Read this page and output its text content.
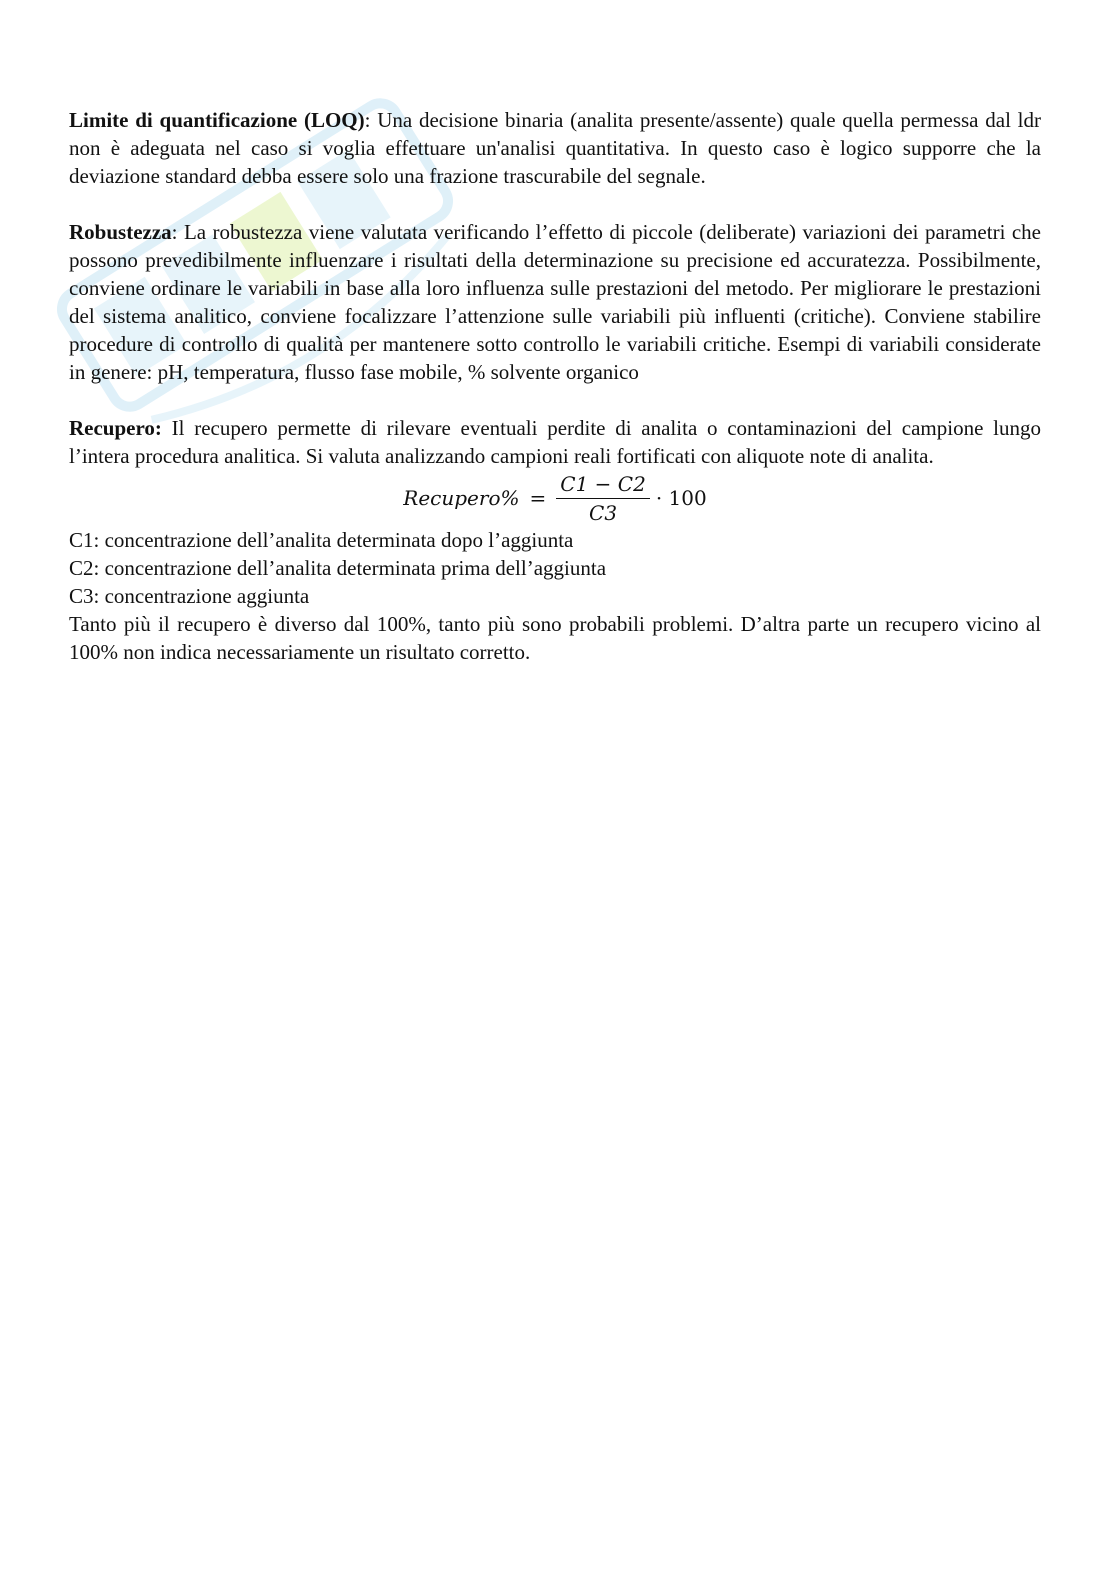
Limite di quantificazione (LOQ): Una decisione binaria (analita presente/assente) quale quella permessa dal ldr non è adeguata nel caso si voglia effettuare un'analisi quantitativa. In questo caso è logico supporre che la deviazione standard debba essere solo una frazione trascurabile del segnale.

Robustezza: La robustezza viene valutata verificando l’effetto di piccole (deliberate) variazioni dei parametri che possono prevedibilmente influenzare i risultati della determinazione su precisione ed accuratezza. Possibilmente, conviene ordinare le variabili in base alla loro influenza sulle prestazioni del metodo. Per migliorare le prestazioni del sistema analitico, conviene focalizzare l’attenzione sulle variabili più influenti (critiche). Conviene stabilire procedure di controllo di qualità per mantenere sotto controllo le variabili critiche. Esempi di variabili considerate in genere: pH, temperatura, flusso fase mobile, % solvente organico

Recupero: Il recupero permette di rilevare eventuali perdite di analita o contaminazioni del campione lungo l’intera procedura analitica. Si valuta analizzando campioni reali fortificati con aliquote note di analita.

Recupero% = $\frac{C1 - C2}{C3} \cdot 100$
C1: concentrazione dell’analita determinata dopo l’aggiunta
C2: concentrazione dell’analita determinata prima dell’aggiunta
C3: concentrazione aggiunta

Tanto più il recupero è diverso dal 100%, tanto più sono probabili problemi. D’altra parte un recupero vicino al 100% non indica necessariamente un risultato corretto.
